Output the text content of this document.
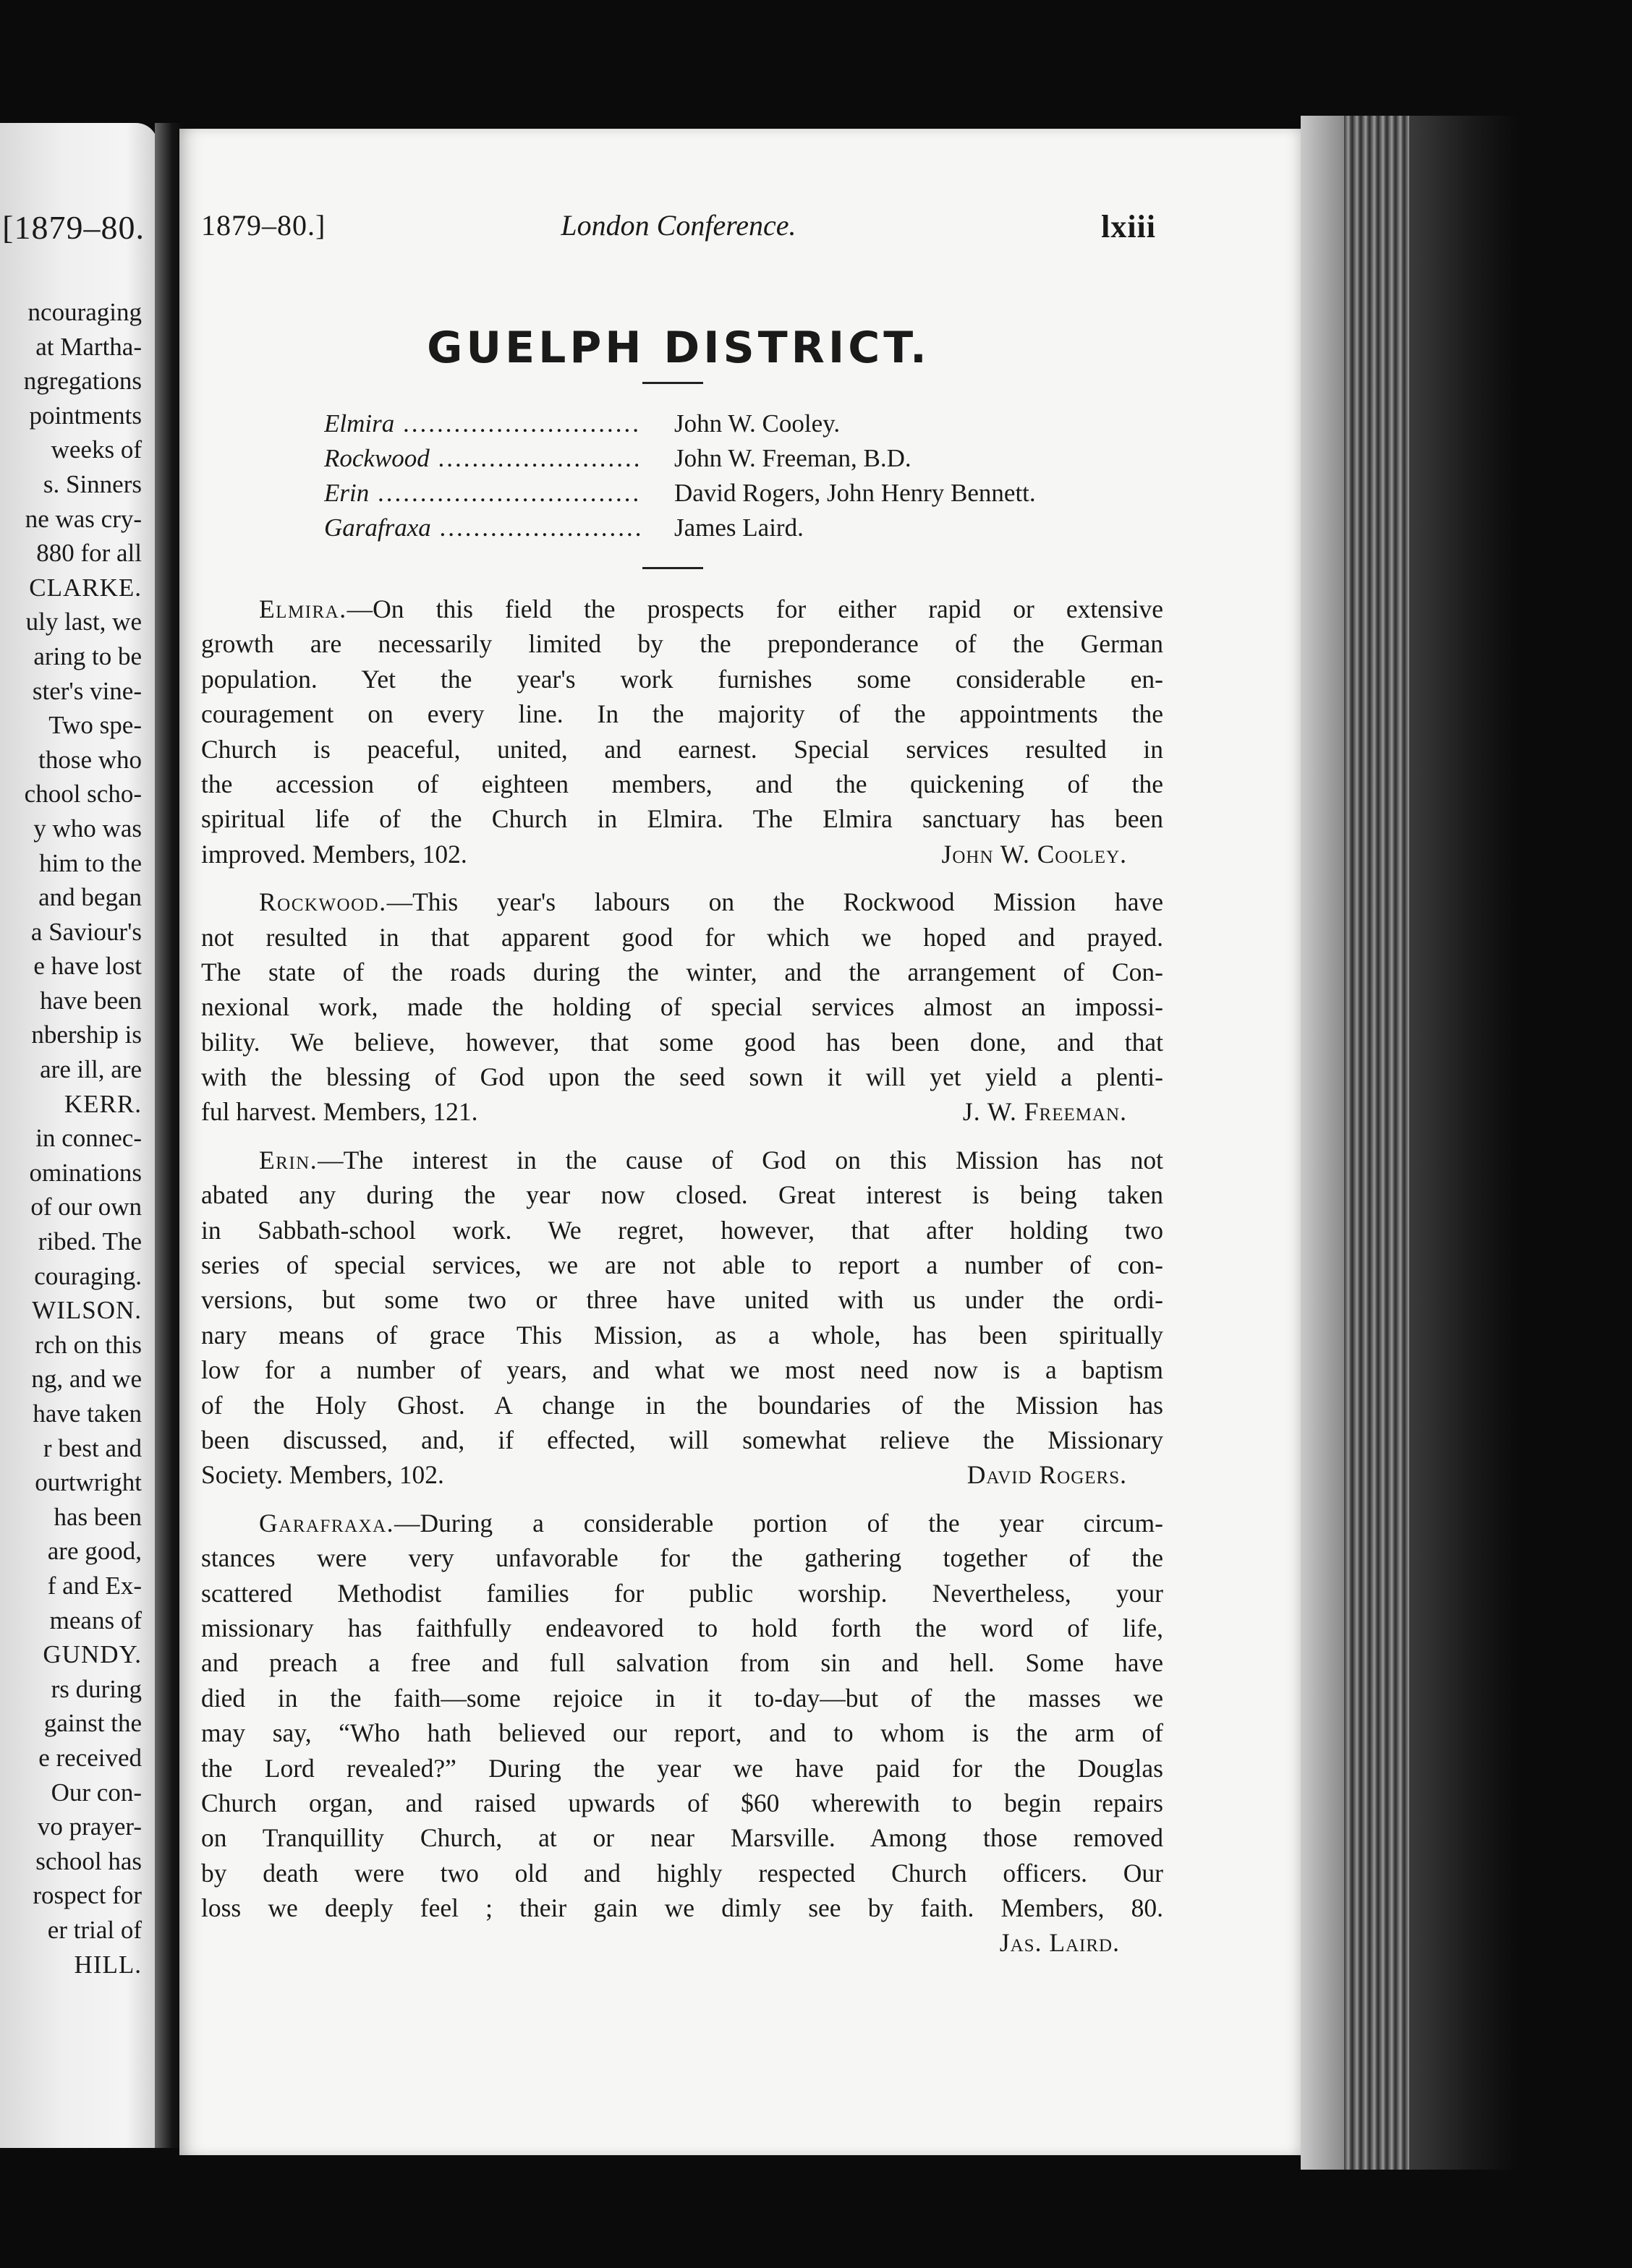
[1879–80.
ncouraging
at Martha-
ngregations
pointments
weeks of
s. Sinners
ne was cry-
880 for all
CLARKE.
uly last, we
aring to be
ster's vine-
Two spe-
those who
chool scho-
y who was
him to the
and began
a Saviour's
e have lost
have been
nbership is
are ill, are
KERR.
in connec-
ominations
of our own
ribed. The
couraging.
WILSON.
rch on this
ng, and we
have taken
r best and
ourtwright
has been
are good,
f and Ex-
means of
GUNDY.
rs during
gainst the
e received
Our con-
vo prayer-
school has
rospect for
er trial of
HILL.
1879–80.]	London Conference.	lxiii
GUELPH DISTRICT.
Elmira .....	John W. Cooley.
Rockwood .....	John W. Freeman, B.D.
Erin .....	David Rogers, John Henry Bennett.
Garafraxa .....	James Laird.
Elmira.—On this field the prospects for either rapid or extensive
growth are necessarily limited by the preponderance of the German
population. Yet the year's work furnishes some considerable en-
couragement on every line. In the majority of the appointments the
Church is peaceful, united, and earnest. Special services resulted in
the accession of eighteen members, and the quickening of the
spiritual life of the Church in Elmira. The Elmira sanctuary has been
improved. Members, 102.	John W. Cooley.
Rockwood.—This year's labours on the Rockwood Mission have
not resulted in that apparent good for which we hoped and prayed.
The state of the roads during the winter, and the arrangement of Con-
nexional work, made the holding of special services almost an impossi-
bility. We believe, however, that some good has been done, and that
with the blessing of God upon the seed sown it will yet yield a plenti-
ful harvest. Members, 121.	J. W. Freeman.
Erin.—The interest in the cause of God on this Mission has not
abated any during the year now closed. Great interest is being taken
in Sabbath-school work. We regret, however, that after holding two
series of special services, we are not able to report a number of con-
versions, but some two or three have united with us under the ordi-
nary means of grace This Mission, as a whole, has been spiritually
low for a number of years, and what we most need now is a baptism
of the Holy Ghost. A change in the boundaries of the Mission has
been discussed, and, if effected, will somewhat relieve the Missionary
Society. Members, 102.	David Rogers.
Garafraxa.—During a considerable portion of the year circum-
stances were very unfavorable for the gathering together of the
scattered Methodist families for public worship. Nevertheless, your
missionary has faithfully endeavored to hold forth the word of life,
and preach a free and full salvation from sin and hell. Some have
died in the faith—some rejoice in it to-day—but of the masses we
may say, “Who hath believed our report, and to whom is the arm of
the Lord revealed?” During the year we have paid for the Douglas
Church organ, and raised upwards of $60 wherewith to begin repairs
on Tranquillity Church, at or near Marsville. Among those removed
by death were two old and highly respected Church officers. Our
loss we deeply feel ; their gain we dimly see by faith. Members, 80.
Jas. Laird.
